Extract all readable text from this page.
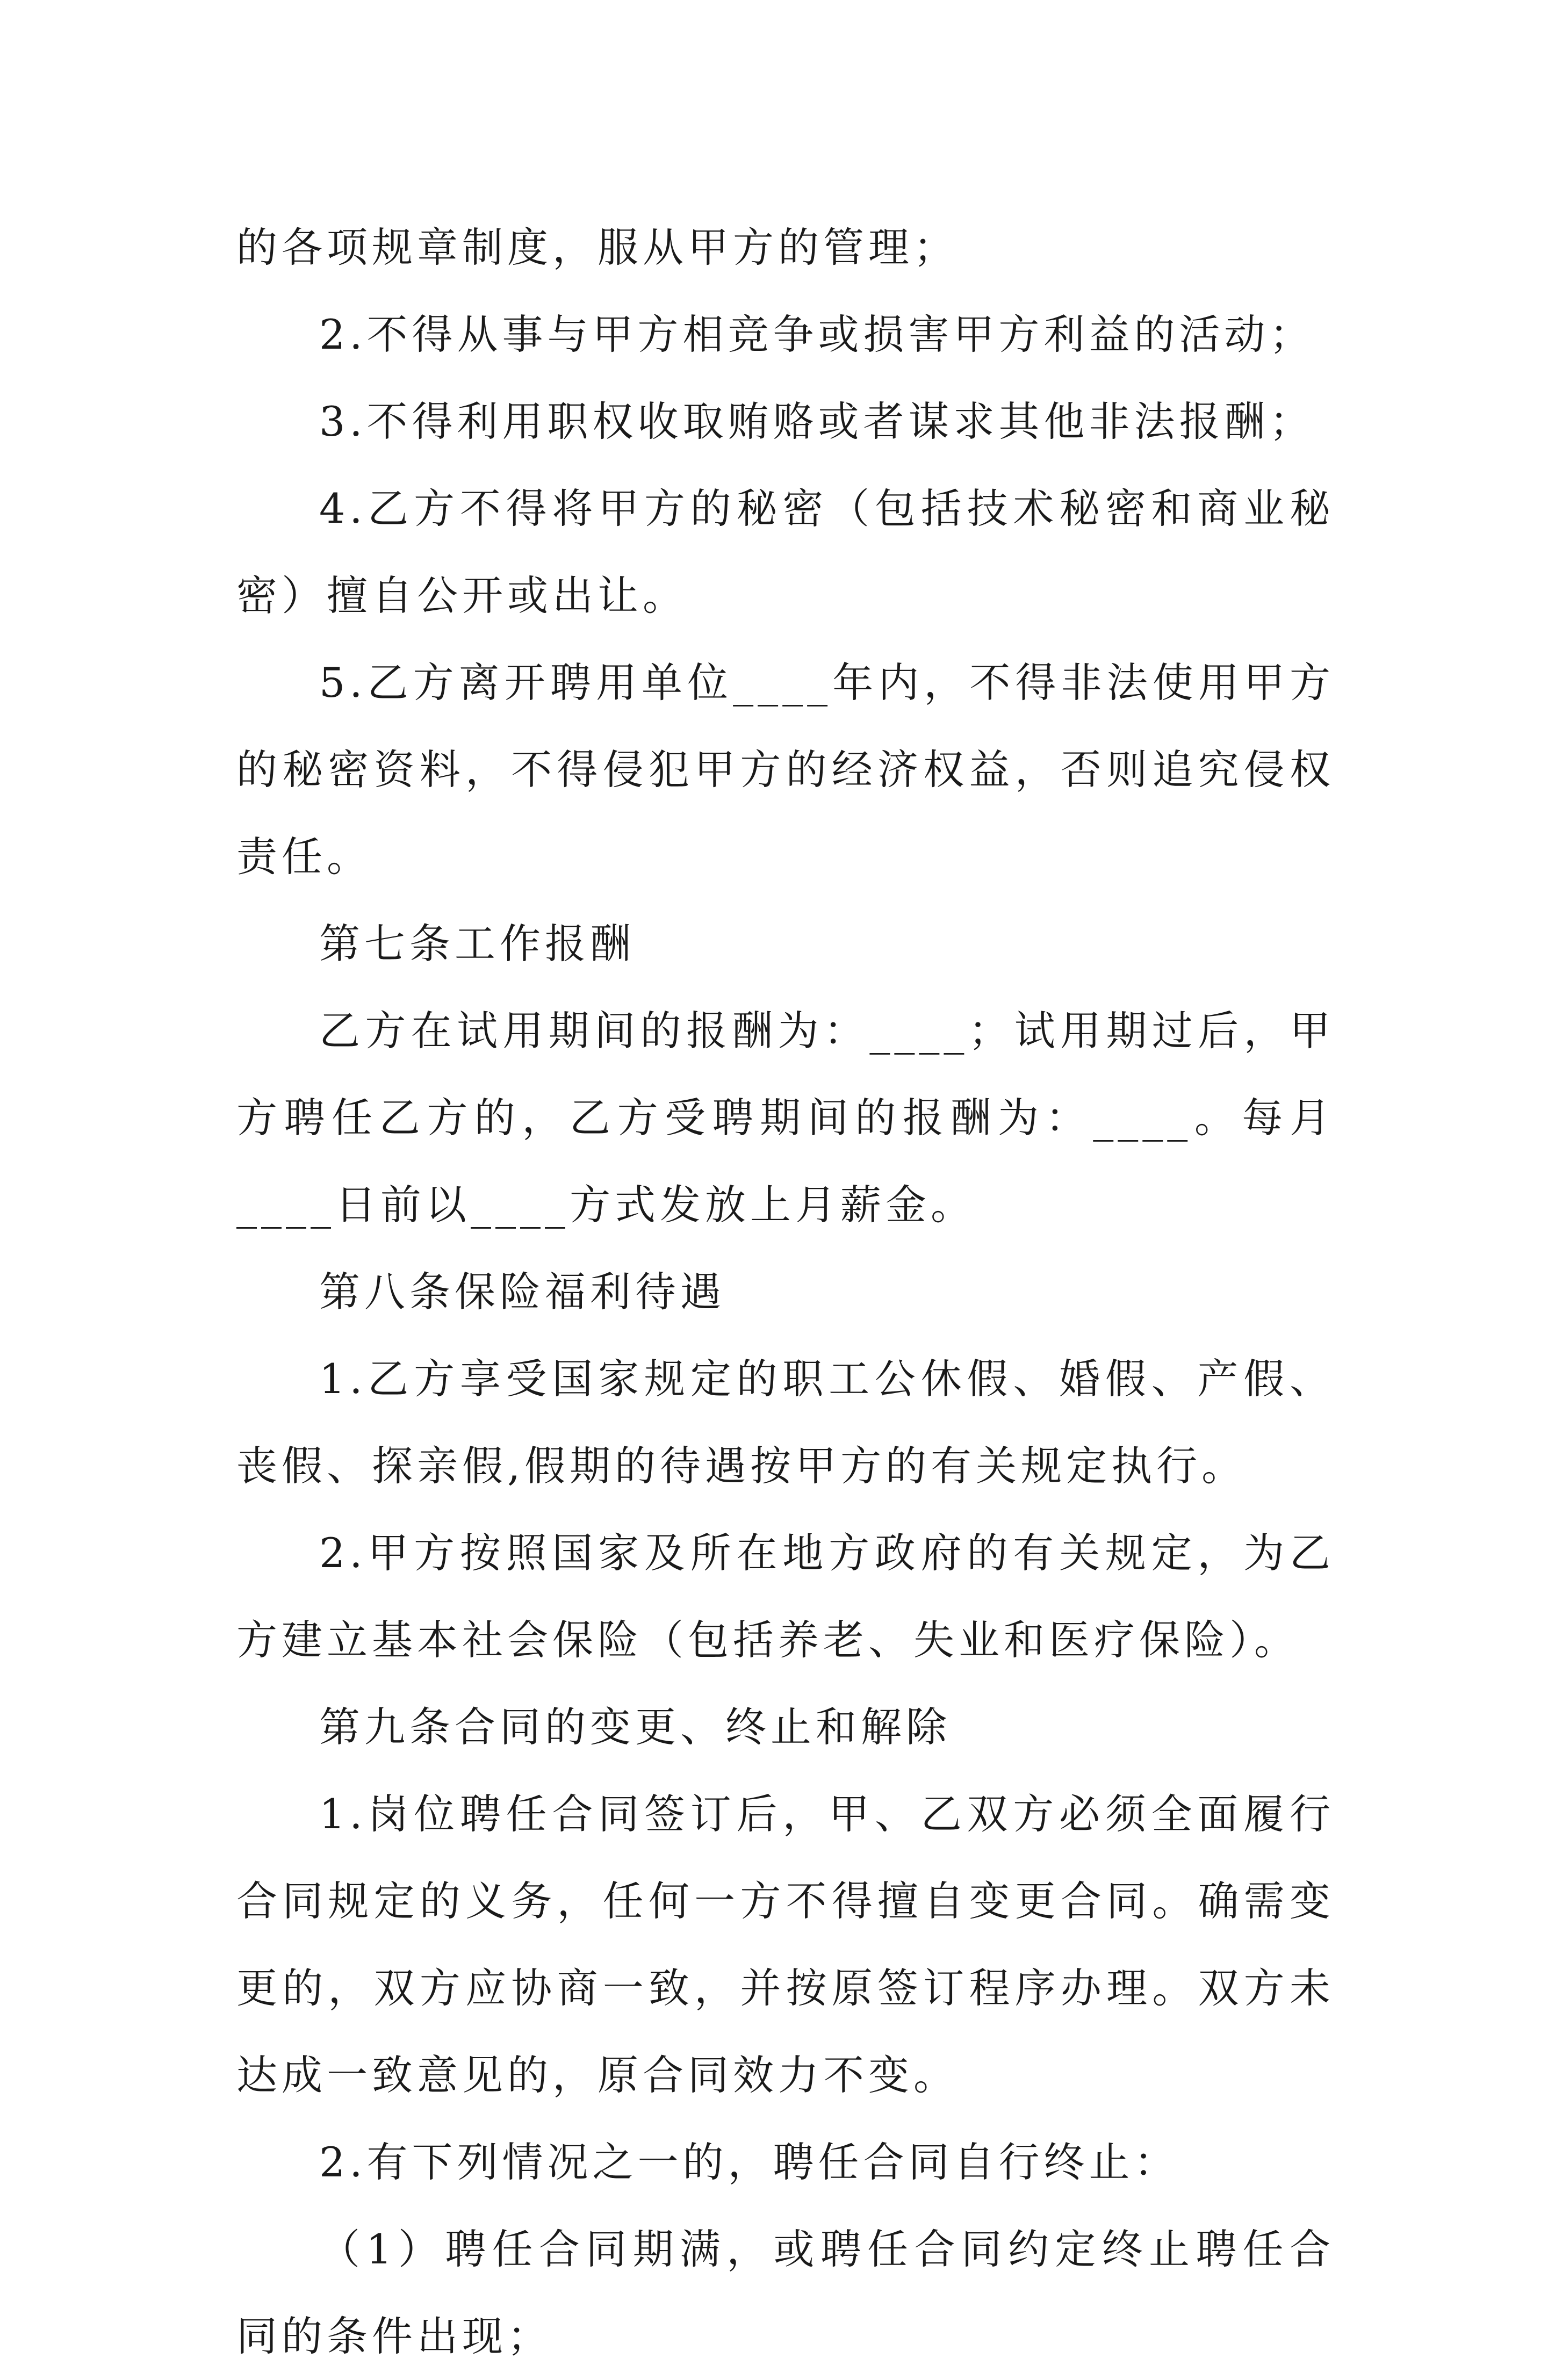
的各项规章制度，服从甲方的管理；

2.不得从事与甲方相竞争或损害甲方利益的活动；

3.不得利用职权收取贿赂或者谋求其他非法报酬；

4.乙方不得将甲方的秘密（包括技术秘密和商业秘密）擅自公开或出让。

5.乙方离开聘用单位____年内，不得非法使用甲方的秘密资料，不得侵犯甲方的经济权益，否则追究侵权责任。

第七条工作报酬

乙方在试用期间的报酬为：____；试用期过后，甲方聘任乙方的，乙方受聘期间的报酬为：____。每月____日前以____方式发放上月薪金。

第八条保险福利待遇

1.乙方享受国家规定的职工公休假、婚假、产假、丧假、探亲假,假期的待遇按甲方的有关规定执行。

2.甲方按照国家及所在地方政府的有关规定，为乙方建立基本社会保险（包括养老、失业和医疗保险）。

第九条合同的变更、终止和解除

1.岗位聘任合同签订后，甲、乙双方必须全面履行合同规定的义务，任何一方不得擅自变更合同。确需变更的，双方应协商一致，并按原签订程序办理。双方未达成一致意见的，原合同效力不变。

2.有下列情况之一的，聘任合同自行终止：

（1）聘任合同期满，或聘任合同约定终止聘任合同的条件出现；
